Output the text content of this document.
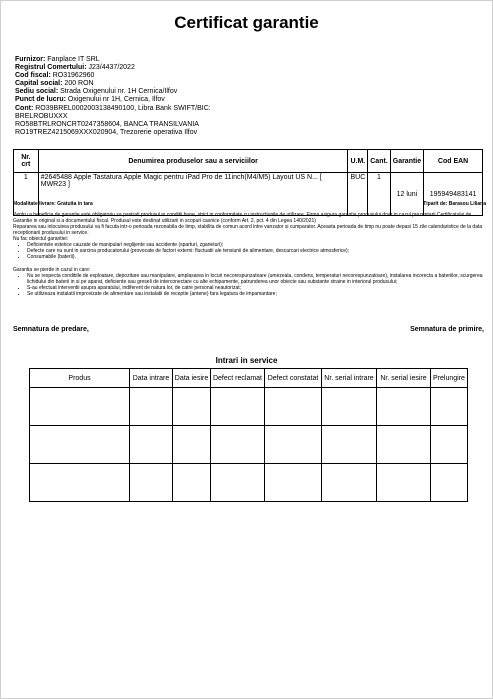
Certificat garantie
Furnizor: Fanplace IT SRL
Registrul Comertului: J23/4437/2022
Cod fiscal: RO31962960
Capital social: 200 RON
Sediu social: Strada Oxigenului nr. 1H Cernica/Ilfov
Punct de lucru: Oxigenului nr 1H, Cernica, Ilfov
Cont: RO39BREL0002003138490100, Libra Bank SWIFT/BIC:
BRELROBUXXX
RO58BTRLRONCRT0247358604, BANCA TRANSILVANIA
RO19TREZ4215069XXX020904, Trezorerie operativa Ilfov
Nr. crt	Denumirea produselor sau a serviciilor	U.M.	Cant.	Garantie	Cod EAN
1	#2645488 Apple Tastatura Apple Magic pentru iPad Pro de 11inch(M4/M5) Layout US N... [ MWR23 ]	BUC	1	12 luni	195949483141
Modalitate livrare: Gratuita in tara	Tiparit de: Barasou Liliana

Pentru a beneficia de garantie este obligatoriu sa pastrati produsul in conditii bune, strict in conformitate cu instructiunile de utilizare. Firma asigura garantia produsului doar in cazul prezentarii Certificatului de Garantie in original si a documentului fiscal. Produsul este destinat utilizarii in scopuri casnice (conform Art. 2, pct. 4 din Legea 140/2021)

Repararea sau inlocuirea produsului va fi facuta intr-o perioada rezonabila de timp, stabilita de comun acord intre vanzator si cumparator. Aceasta perioada de timp nu poate depasi 15 zile calendaristice de la data receptionarii produsului in service.

Nu fac obiectul garantiei:

• Deficientele estetice cauzate de manipulari neglijente sau accidente (sparturi, zgarieturi);
• Defecte care nu sunt in sarcina producatorului (provocate de factori externi: fluctuatii ale tensiunii de alimentare, descarcari electrice atmosferice);
• Consumabile (baterii).

Garantia se pierde in cazul in care:

• Nu se respecta conditiile de exploatare, depozitare sau manipulare, amplasarea in locuri necorespunzatoare (umezeala, condens, temperaturi necorespunzatoare), instalarea incorecta a bateriilor, scurgerea lichidului din baterii in si pe aparat, deficiente sau greseli de interconectare cu alte echipamente, patrunderea unor obiecte sau substante straine in interiorul produsului;
• S-au efectuat interventii asupra aparatului, indiferent de natura lor, de catre personal neautorizat;
• Se utilizeaza instalatii improvizate de alimentare sau instalatii de receptie (antene) fara legatura de impamantare;
Semnatura de predare,	Semnatura de primire,
Intrari in service
Produs	Data intrare	Data iesire	Defect reclamat	Defect constatat	Nr. serial intrare	Nr. serial iesire	Prelungire
